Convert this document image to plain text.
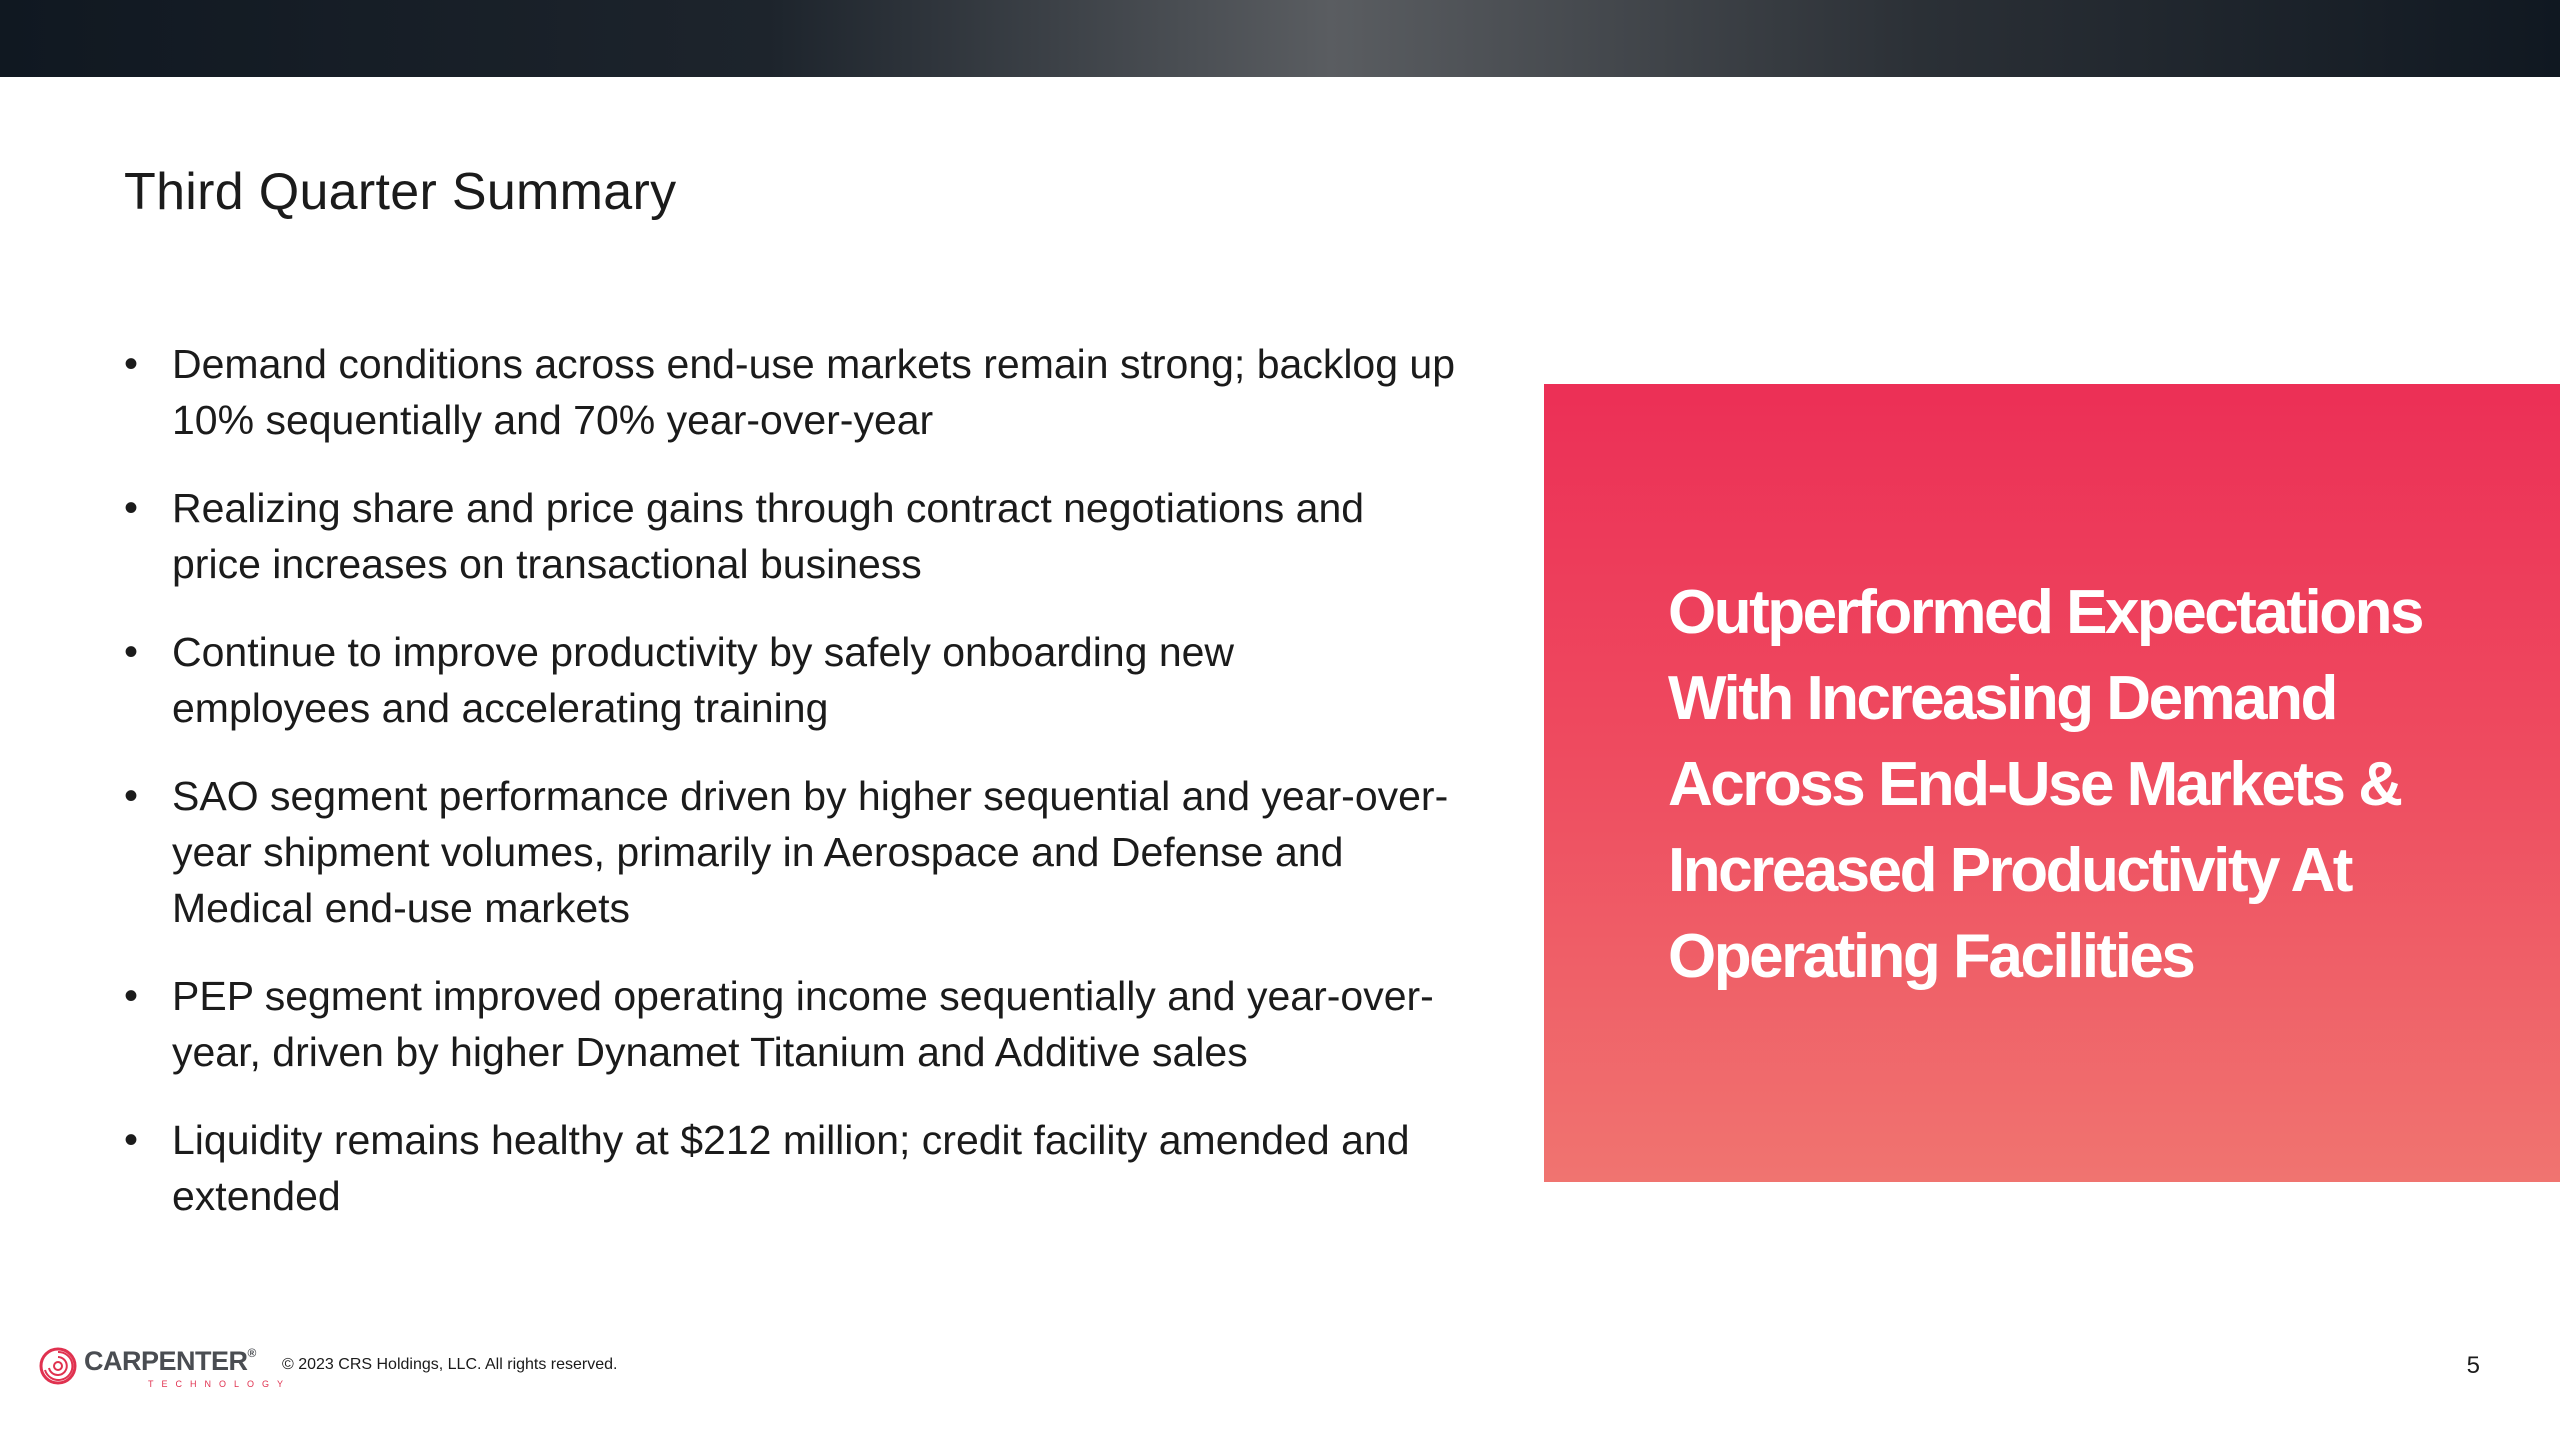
Third Quarter Summary
• Demand conditions across end-use markets remain strong; backlog up
10% sequentially and 70% year-over-year
• Realizing share and price gains through contract negotiations and
price increases on transactional business
• Continue to improve productivity by safely onboarding new
employees and accelerating training
• SAO segment performance driven by higher sequential and year-over-
year shipment volumes, primarily in Aerospace and Defense and
Medical end-use markets
• PEP segment improved operating income sequentially and year-over-
year, driven by higher Dynamet Titanium and Additive sales
• Liquidity remains healthy at $212 million; credit facility amended and
extended
Outperformed Expectations
With Increasing Demand
Across End-Use Markets &
Increased Productivity At
Operating Facilities
CARPENTER®
TECHNOLOGY
© 2023 CRS Holdings, LLC. All rights reserved.	5
